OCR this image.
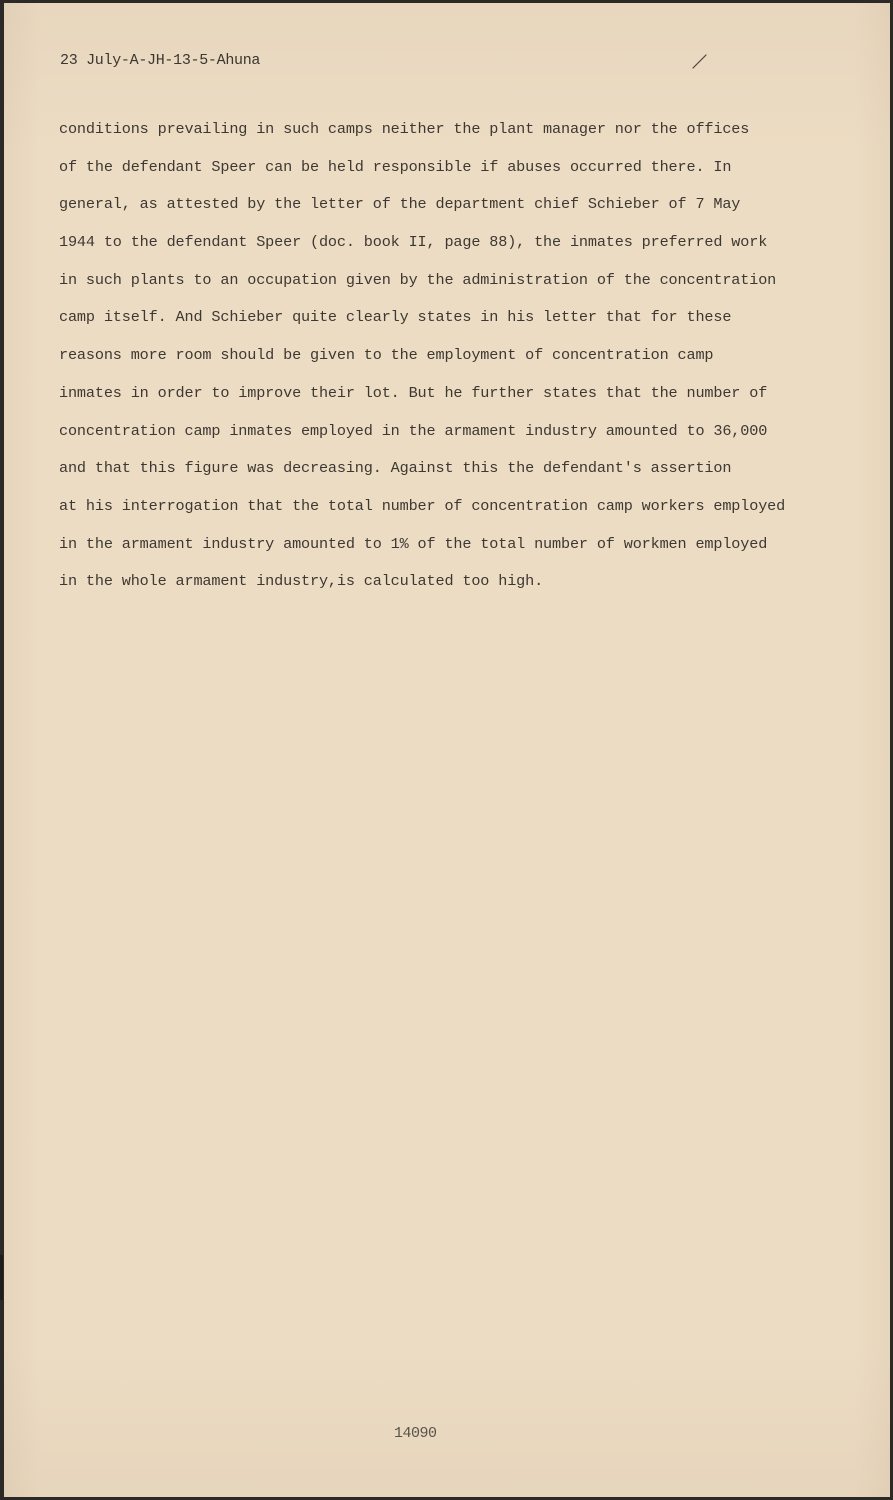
23 July-A-JH-13-5-Ahuna
conditions prevailing in such camps neither the plant manager nor the offices
of the defendant Speer can be held responsible if abuses occurred there. In
general, as attested by the letter of the department chief Schieber of 7 May
1944 to the defendant Speer (doc. book II, page 88), the inmates preferred work
in such plants to an occupation given by the administration of the concentration
camp itself. And Schieber quite clearly states in his letter that for these
reasons more room should be given to the employment of concentration camp
inmates in order to improve their lot. But he further states that the number of
concentration camp inmates employed in the armament industry amounted to 36,000
and that this figure was decreasing. Against this the defendant's assertion
at his interrogation that the total number of concentration camp workers employed
in the armament industry amounted to 1% of the total number of workmen employed
in the whole armament industry,is calculated too high.
14090
